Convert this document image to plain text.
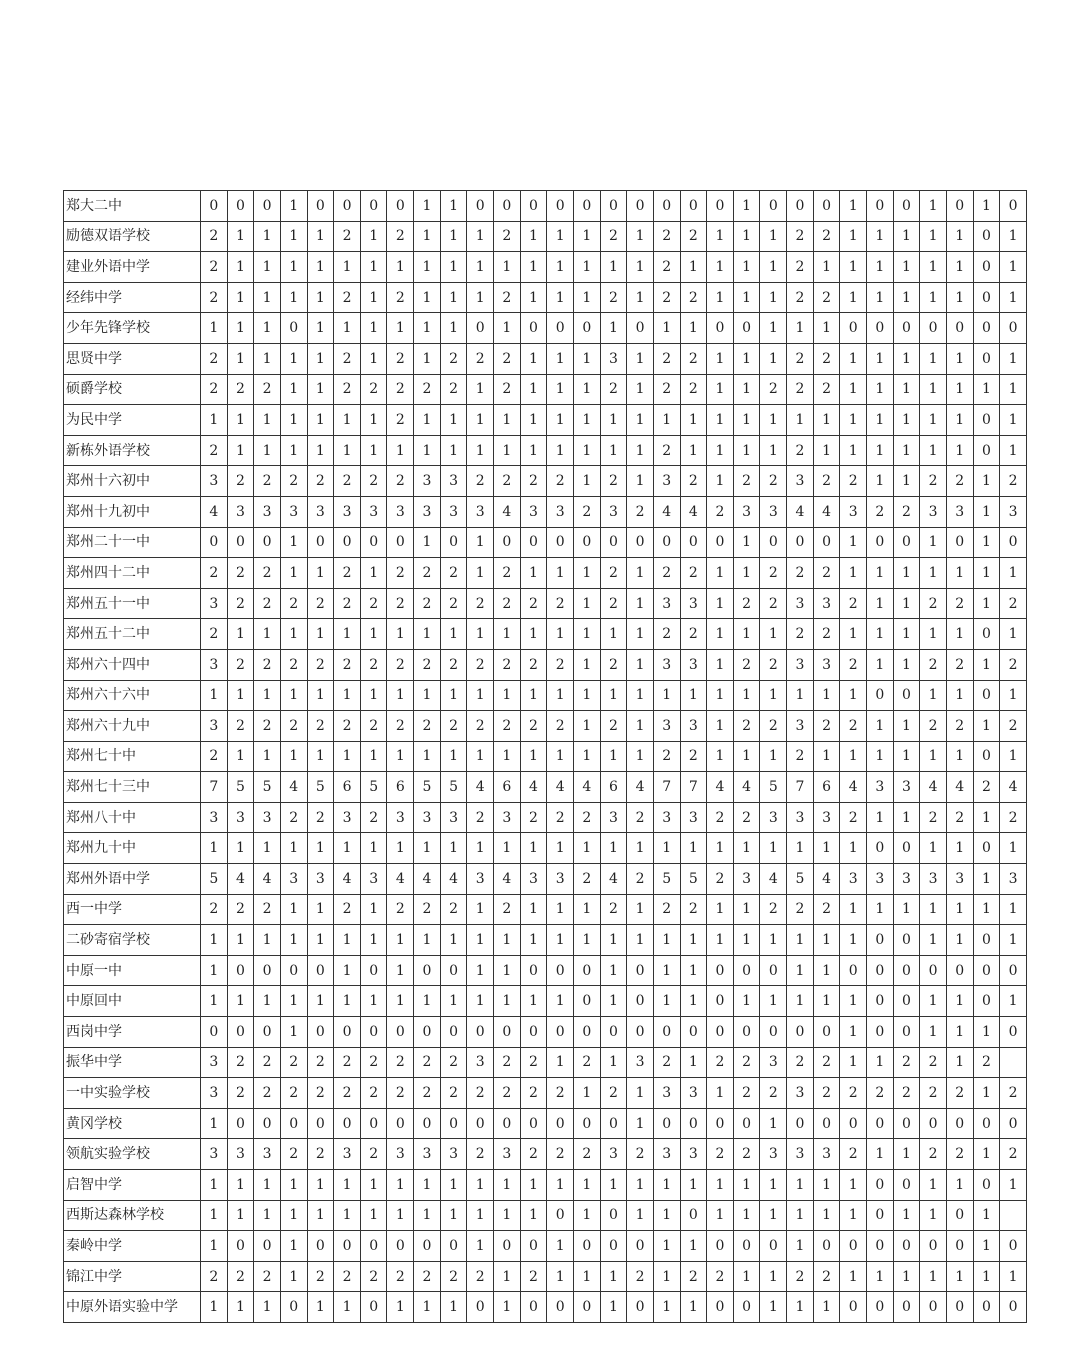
郑大二中	0	0	0	1	0	0	0	0	1	1	0	0	0	0	0	0	0	0	0	0	1	0	0	0	1	0	0	1	0	1	0
励德双语学校	2	1	1	1	1	2	1	2	1	1	1	2	1	1	1	2	1	2	2	1	1	1	2	2	1	1	1	1	1	0	1
建业外语中学	2	1	1	1	1	1	1	1	1	1	1	1	1	1	1	1	1	2	1	1	1	1	2	1	1	1	1	1	1	0	1
经纬中学	2	1	1	1	1	2	1	2	1	1	1	2	1	1	1	2	1	2	2	1	1	1	2	2	1	1	1	1	1	0	1
少年先锋学校	1	1	1	0	1	1	1	1	1	1	0	1	0	0	0	1	0	1	1	0	0	1	1	1	0	0	0	0	0	0	0
思贤中学	2	1	1	1	1	2	1	2	1	2	2	2	1	1	1	3	1	2	2	1	1	1	2	2	1	1	1	1	1	0	1
硕爵学校	2	2	2	1	1	2	2	2	2	2	1	2	1	1	1	2	1	2	2	1	1	2	2	2	1	1	1	1	1	1	1
为民中学	1	1	1	1	1	1	1	2	1	1	1	1	1	1	1	1	1	1	1	1	1	1	1	1	1	1	1	1	1	0	1
新栋外语学校	2	1	1	1	1	1	1	1	1	1	1	1	1	1	1	1	1	2	1	1	1	1	2	1	1	1	1	1	1	0	1
郑州十六初中	3	2	2	2	2	2	2	2	3	3	2	2	2	2	1	2	1	3	2	1	2	2	3	2	2	1	1	2	2	1	2
郑州十九初中	4	3	3	3	3	3	3	3	3	3	3	4	3	3	2	3	2	4	4	2	3	3	4	4	3	2	2	3	3	1	3
郑州二十一中	0	0	0	1	0	0	0	0	1	0	1	0	0	0	0	0	0	0	0	0	1	0	0	0	1	0	0	1	0	1	0
郑州四十二中	2	2	2	1	1	2	1	2	2	2	1	2	1	1	1	2	1	2	2	1	1	2	2	2	1	1	1	1	1	1	1
郑州五十一中	3	2	2	2	2	2	2	2	2	2	2	2	2	2	1	2	1	3	3	1	2	2	3	3	2	1	1	2	2	1	2
郑州五十二中	2	1	1	1	1	1	1	1	1	1	1	1	1	1	1	1	1	2	2	1	1	1	2	2	1	1	1	1	1	0	1
郑州六十四中	3	2	2	2	2	2	2	2	2	2	2	2	2	2	1	2	1	3	3	1	2	2	3	3	2	1	1	2	2	1	2
郑州六十六中	1	1	1	1	1	1	1	1	1	1	1	1	1	1	1	1	1	1	1	1	1	1	1	1	1	0	0	1	1	0	1
郑州六十九中	3	2	2	2	2	2	2	2	2	2	2	2	2	2	1	2	1	3	3	1	2	2	3	2	2	1	1	2	2	1	2
郑州七十中	2	1	1	1	1	1	1	1	1	1	1	1	1	1	1	1	1	2	2	1	1	1	2	1	1	1	1	1	1	0	1
郑州七十三中	7	5	5	4	5	6	5	6	5	5	4	6	4	4	4	6	4	7	7	4	4	5	7	6	4	3	3	4	4	2	4
郑州八十中	3	3	3	2	2	3	2	3	3	3	2	3	2	2	2	3	2	3	3	2	2	3	3	3	2	1	1	2	2	1	2
郑州九十中	1	1	1	1	1	1	1	1	1	1	1	1	1	1	1	1	1	1	1	1	1	1	1	1	1	0	0	1	1	0	1
郑州外语中学	5	4	4	3	3	4	3	4	4	4	3	4	3	3	2	4	2	5	5	2	3	4	5	4	3	3	3	3	3	1	3
西一中学	2	2	2	1	1	2	1	2	2	2	1	2	1	1	1	2	1	2	2	1	1	2	2	2	1	1	1	1	1	1	1
二砂寄宿学校	1	1	1	1	1	1	1	1	1	1	1	1	1	1	1	1	1	1	1	1	1	1	1	1	1	0	0	1	1	0	1
中原一中	1	0	0	0	0	1	0	1	0	0	1	1	0	0	0	1	0	1	1	0	0	0	1	1	0	0	0	0	0	0	0
中原回中	1	1	1	1	1	1	1	1	1	1	1	1	1	1	0	1	0	1	1	0	1	1	1	1	1	0	0	1	1	0	1
西岗中学	0	0	0	1	0	0	0	0	0	0	0	0	0	0	0	0	0	0	0	0	0	0	0	0	1	0	0	1	1	1	0
振华中学	3	2	2	2	2	2	2	2	2	2	3	2	2	1	2	1	3	2	1	2	2	3	2	2	1	1	2	2	1	2	
一中实验学校	3	2	2	2	2	2	2	2	2	2	2	2	2	2	1	2	1	3	3	1	2	2	3	2	2	2	2	2	2	1	2
黄冈学校	1	0	0	0	0	0	0	0	0	0	0	0	0	0	0	0	1	0	0	0	0	1	0	0	0	0	0	0	0	0	0
领航实验学校	3	3	3	2	2	3	2	3	3	3	2	3	2	2	2	3	2	3	3	2	2	3	3	3	2	1	1	2	2	1	2
启智中学	1	1	1	1	1	1	1	1	1	1	1	1	1	1	1	1	1	1	1	1	1	1	1	1	1	0	0	1	1	0	1
西斯达森林学校	1	1	1	1	1	1	1	1	1	1	1	1	1	0	1	0	1	1	0	1	1	1	1	1	1	0	1	1	0	1	
秦岭中学	1	0	0	1	0	0	0	0	0	0	1	0	0	1	0	0	0	1	1	0	0	0	1	0	0	0	0	0	0	1	0
锦江中学	2	2	2	1	2	2	2	2	2	2	2	1	2	1	1	1	2	1	2	2	1	1	2	2	1	1	1	1	1	1	1
中原外语实验中学	1	1	1	0	1	1	0	1	1	1	0	1	0	0	0	1	0	1	1	0	0	1	1	1	0	0	0	0	0	0	0
